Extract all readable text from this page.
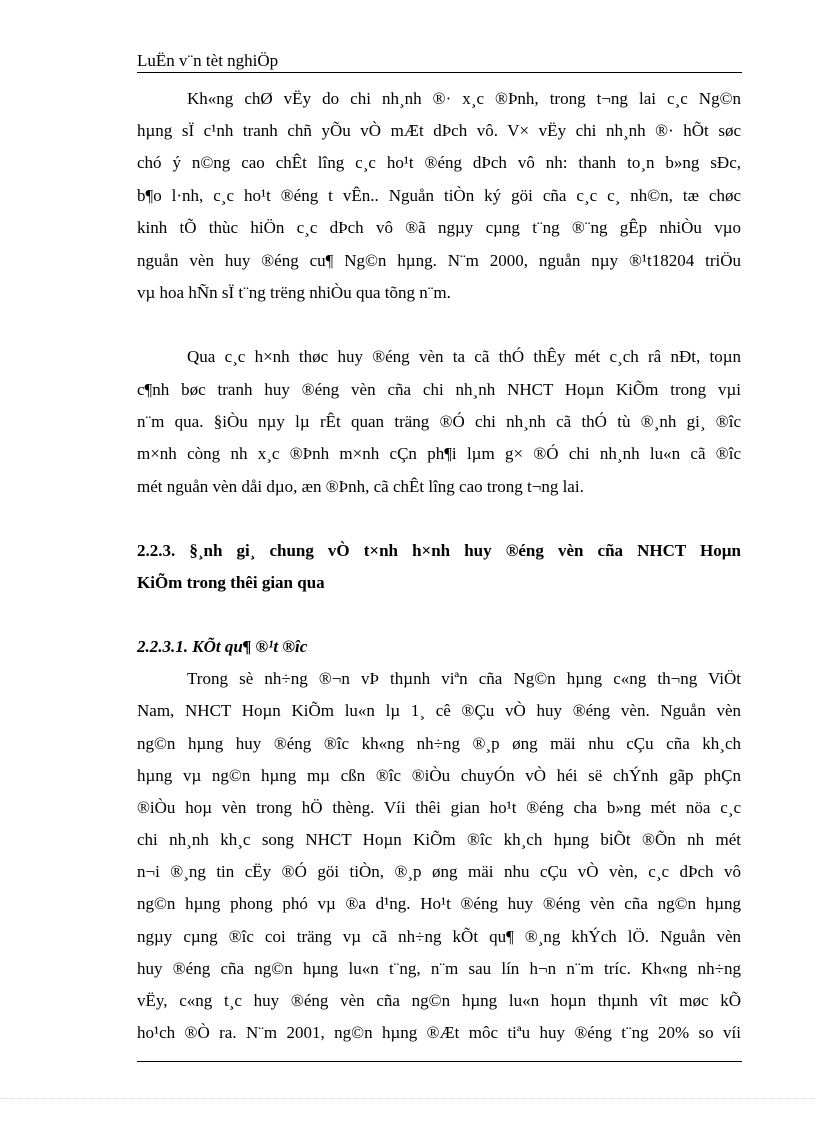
LuËn v¨n tèt nghiÖp
Kh«ng chØ vËy do chi nh¸nh ®· x¸c ®Þnh, trong t¬ng lai c¸c Ng©n
hµng sÏ c¹nh tranh chñ yÕu vÒ mÆt dÞch vô. V× vËy chi nh¸nh ®· hÕt søc
chó ý n©ng cao chÊt lîng c¸c ho¹t ®éng dÞch vô nh: thanh to¸n b»ng sÐc,
b¶o l·nh, c¸c ho¹t ®éng t vÊn.. Nguån tiÒn ký göi cña c¸c c¸ nh©n, tæ chøc
kinh tÕ thùc hiÖn c¸c dÞch vô ®ã ngµy cµng t¨ng ®¨ng gÊp nhiÒu vµo
nguån vèn huy ®éng cu¶ Ng©n hµng. N¨m 2000, nguån nµy ®¹t18204 triÖu
vµ hoa hÑn sÏ t¨ng trëng nhiÒu qua tõng n¨m.
Qua c¸c h×nh thøc huy ®éng vèn ta cã thÓ thÊy mét c¸ch râ nÐt, toµn
c¶nh bøc tranh huy ®éng vèn cña chi nh¸nh NHCT Hoµn KiÕm trong vµi
n¨m qua. §iÒu nµy lµ rÊt quan träng ®Ó chi nh¸nh cã thÓ tù ®¸nh gi¸ ®îc
m×nh còng nh x¸c ®Þnh m×nh cÇn ph¶i lµm g× ®Ó chi nh¸nh lu«n cã ®îc
mét nguån vèn dåi dµo, æn ®Þnh, cã chÊt lîng cao trong t¬ng lai.
2.2.3. §¸nh gi¸ chung vÒ t×nh h×nh huy ®éng vèn cña NHCT Hoµn
KiÕm trong thêi gian qua
2.2.3.1. KÕt qu¶ ®¹t ®îc
Trong sè nh÷ng ®¬n vÞ thµnh viªn cña Ng©n hµng c«ng th¬ng ViÖt
Nam, NHCT Hoµn KiÕm lu«n lµ 1¸ cê ®Çu vÒ huy ®éng vèn. Nguån vèn
ng©n hµng huy ®éng ®îc kh«ng nh÷ng ®¸p øng mäi nhu cÇu cña kh¸ch
hµng vµ ng©n hµng mµ cßn ®îc ®iÒu chuyÓn vÒ héi së chÝnh gãp phÇn
®iÒu hoµ vèn trong hÖ thèng. Víi thêi gian ho¹t ®éng cha b»ng mét nöa c¸c
chi nh¸nh kh¸c song NHCT Hoµn KiÕm ®îc kh¸ch hµng biÕt ®Õn nh mét
n¬i ®¸ng tin cËy ®Ó göi tiÒn, ®¸p øng mäi nhu cÇu vÒ vèn, c¸c dÞch vô
ng©n hµng phong phó vµ ®a d¹ng. Ho¹t ®éng huy ®éng vèn cña ng©n hµng
ngµy cµng ®îc coi träng vµ cã nh÷ng kÕt qu¶ ®¸ng khÝch lÖ. Nguån vèn
huy ®éng cña ng©n hµng lu«n t¨ng, n¨m sau lín h¬n n¨m tríc. Kh«ng nh÷ng
vËy, c«ng t¸c huy ®éng vèn cña ng©n hµng lu«n hoµn thµnh vît møc kÕ
ho¹ch ®Ò ra. N¨m 2001, ng©n hµng ®Æt môc tiªu huy ®éng t¨ng 20% so víi
